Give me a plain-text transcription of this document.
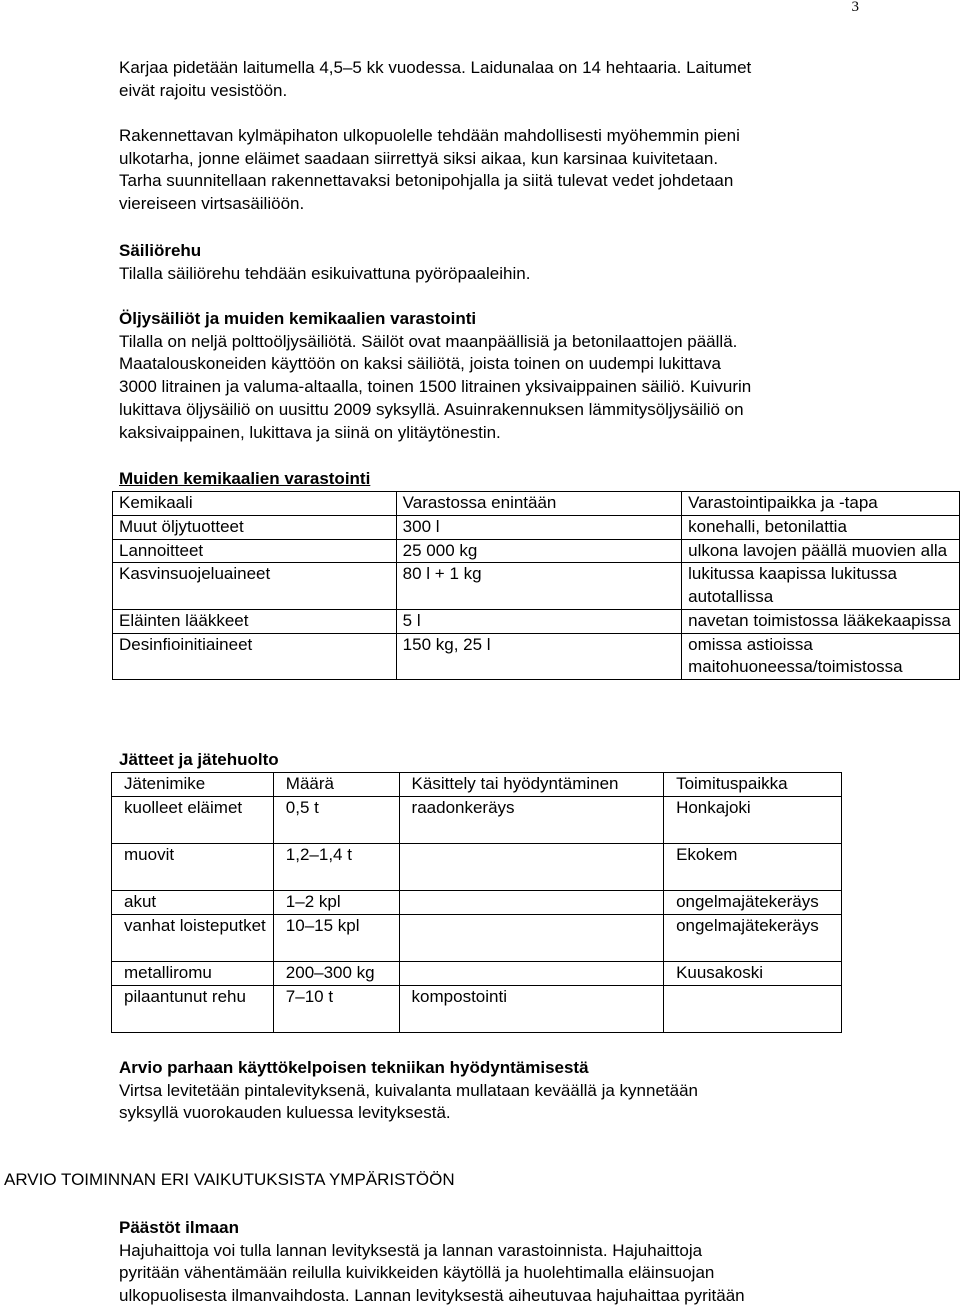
3

Karjaa pidetään laitumella 4,5–5 kk vuodessa. Laidunalaa on 14 hehtaaria. Laitumet

eivät rajoitu vesistöön.

Rakennettavan kylmäpihaton ulkopuolelle tehdään mahdollisesti myöhemmin pieni

ulkotarha, jonne eläimet saadaan siirrettyä siksi aikaa, kun karsinaa kuivitetaan.

Tarha suunnitellaan rakennettavaksi betonipohjalla ja siitä tulevat vedet johdetaan

viereiseen virtsasäiliöön.

Säiliörehu

Tilalla säiliörehu tehdään esikuivattuna pyöröpaaleihin.

Öljysäiliöt ja muiden kemikaalien varastointi

Tilalla on neljä polttoöljysäiliötä. Säilöt ovat maanpäällisiä ja betonilaattojen päällä.

Maatalouskoneiden käyttöön on kaksi säiliötä, joista toinen on uudempi lukittava

3000 litrainen ja valuma-altaalla, toinen 1500 litrainen yksivaippainen säiliö. Kuivurin

lukittava öljysäiliö on uusittu 2009 syksyllä. Asuinrakennuksen lämmitysöljysäiliö on

kaksivaippainen, lukittava ja siinä on ylitäytönestin.

Muiden kemikaalien varastointi

Kemikaali	Varastossa enintään	Varastointipaikka ja -tapa
Muut öljytuotteet	300 l	konehalli, betonilattia
Lannoitteet	25 000 kg	ulkona lavojen päällä muovien alla
Kasvinsuojeluaineet	80 l + 1 kg	lukitussa kaapissa lukitussa autotallissa
Eläinten lääkkeet	5 l	navetan toimistossa lääkekaapissa
Desinfioinitiaineet	150 kg, 25 l	omissa astioissa maitohuoneessa/toimistossa

Jätteet ja jätehuolto

Jätenimike	Määrä	Käsittely tai hyödyntäminen	Toimituspaikka
kuolleet eläimet	0,5 t	raadonkeräys	Honkajoki
muovit	1,2–1,4 t		Ekokem
akut	1–2 kpl		ongelmajätekeräys
vanhat loisteputket	10–15 kpl		ongelmajätekeräys
metalliromu	200–300 kg		Kuusakoski
pilaantunut rehu	7–10 t	kompostointi	

Arvio parhaan käyttökelpoisen tekniikan hyödyntämisestä

Virtsa levitetään pintalevityksenä, kuivalanta mullataan keväällä ja kynnetään

syksyllä vuorokauden kuluessa levityksestä.

ARVIO TOIMINNAN ERI VAIKUTUKSISTA YMPÄRISTÖÖN

Päästöt ilmaan

Hajuhaittoja voi tulla lannan levityksestä ja lannan varastoinnista. Hajuhaittoja

pyritään vähentämään reilulla kuivikkeiden käytöllä ja huolehtimalla eläinsuojan

ulkopuolisesta ilmanvaihdosta. Lannan levityksestä aiheutuvaa hajuhaittaa pyritään
